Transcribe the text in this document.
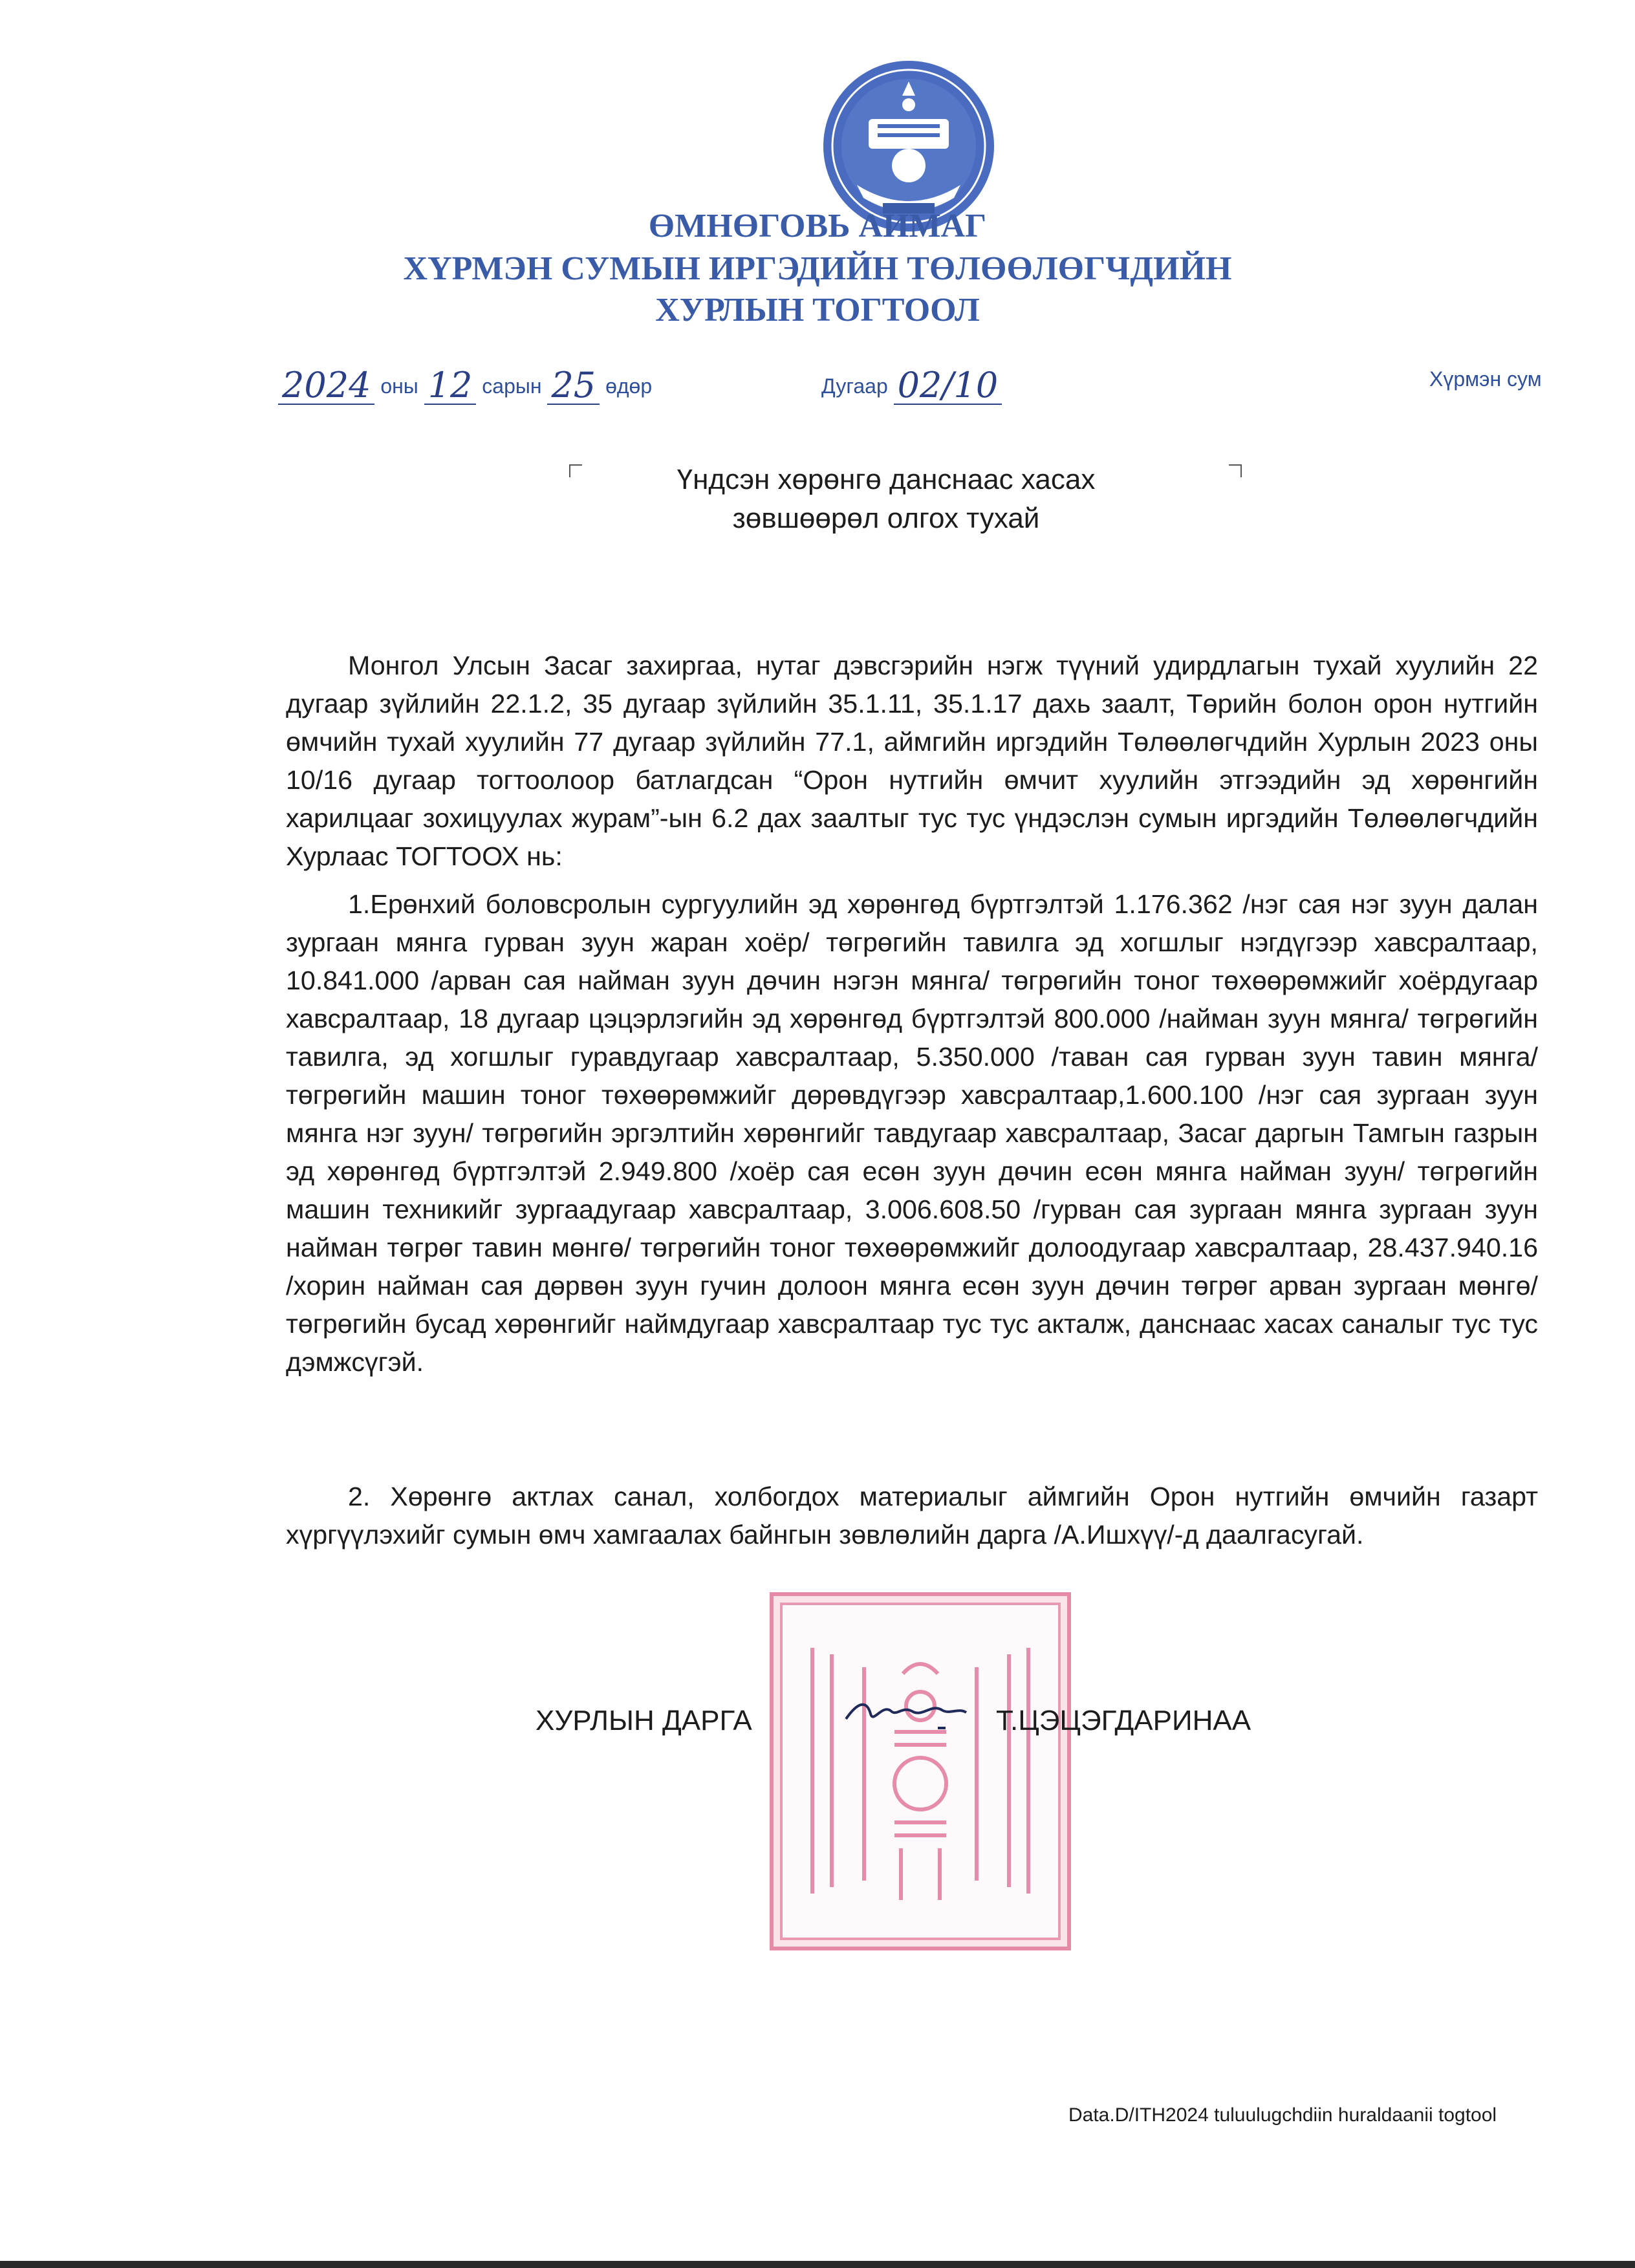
ӨМНӨГОВЬ АЙМАГ
ХҮРМЭН СУМЫН ИРГЭДИЙН ТӨЛӨӨЛӨГЧДИЙН
ХУРЛЫН ТОГТООЛ
2024 оны 12 сарын 25 өдөр	Дугаар 02/10	Хүрмэн сум
Үндсэн хөрөнгө данснаас хасах
зөвшөөрөл олгох тухай

Монгол Улсын Засаг захиргаа, нутаг дэвсгэрийн нэгж түүний удирдлагын тухай хуулийн 22 дугаар зүйлийн 22.1.2, 35 дугаар зүйлийн 35.1.11, 35.1.17 дахь заалт, Төрийн болон орон нутгийн өмчийн тухай хуулийн 77 дугаар зүйлийн 77.1, аймгийн иргэдийн Төлөөлөгчдийн Хурлын 2023 оны 10/16 дугаар тогтоолоор батлагдсан “Орон нутгийн өмчит хуулийн этгээдийн эд хөрөнгийн харилцааг зохицуулах журам”-ын 6.2 дах заалтыг тус тус үндэслэн сумын иргэдийн Төлөөлөгчдийн Хурлаас ТОГТООХ нь:

1.Ерөнхий боловсролын сургуулийн эд хөрөнгөд бүртгэлтэй 1.176.362 /нэг сая нэг зуун далан зургаан мянга гурван зуун жаран хоёр/ төгрөгийн тавилга эд хогшлыг нэгдүгээр хавсралтаар, 10.841.000 /арван сая найман зуун дөчин нэгэн мянга/ төгрөгийн тоног төхөөрөмжийг хоёрдугаар хавсралтаар, 18 дугаар цэцэрлэгийн эд хөрөнгөд бүртгэлтэй 800.000 /найман зуун мянга/ төгрөгийн тавилга, эд хогшлыг гуравдугаар хавсралтаар, 5.350.000 /таван сая гурван зуун тавин мянга/ төгрөгийн машин тоног төхөөрөмжийг дөрөвдүгээр хавсралтаар,1.600.100 /нэг сая зургаан зуун мянга нэг зуун/ төгрөгийн эргэлтийн хөрөнгийг тавдугаар хавсралтаар, Засаг даргын Тамгын газрын эд хөрөнгөд бүртгэлтэй 2.949.800 /хоёр сая есөн зуун дөчин есөн мянга найман зуун/ төгрөгийн машин техникийг зургаадугаар хавсралтаар, 3.006.608.50 /гурван сая зургаан мянга зургаан зуун найман төгрөг тавин мөнгө/ төгрөгийн тоног төхөөрөмжийг долоодугаар хавсралтаар, 28.437.940.16 /хорин найман сая дөрвөн зуун гучин долоон мянга есөн зуун дөчин төгрөг арван зургаан мөнгө/ төгрөгийн бусад хөрөнгийг наймдугаар хавсралтаар тус тус акталж, данснаас хасах саналыг тус тус дэмжсүгэй.

2. Хөрөнгө актлах санал, холбогдох материалыг аймгийн Орон нутгийн өмчийн газарт хүргүүлэхийг сумын өмч хамгаалах байнгын зөвлөлийн дарга /А.Ишхүү/-д даалгасугай.

ХУРЛЫН ДАРГА	Т.ЦЭЦЭГДАРИНАА
Data.D/ITH2024 tuluulugchdiin huraldaanii togtool
